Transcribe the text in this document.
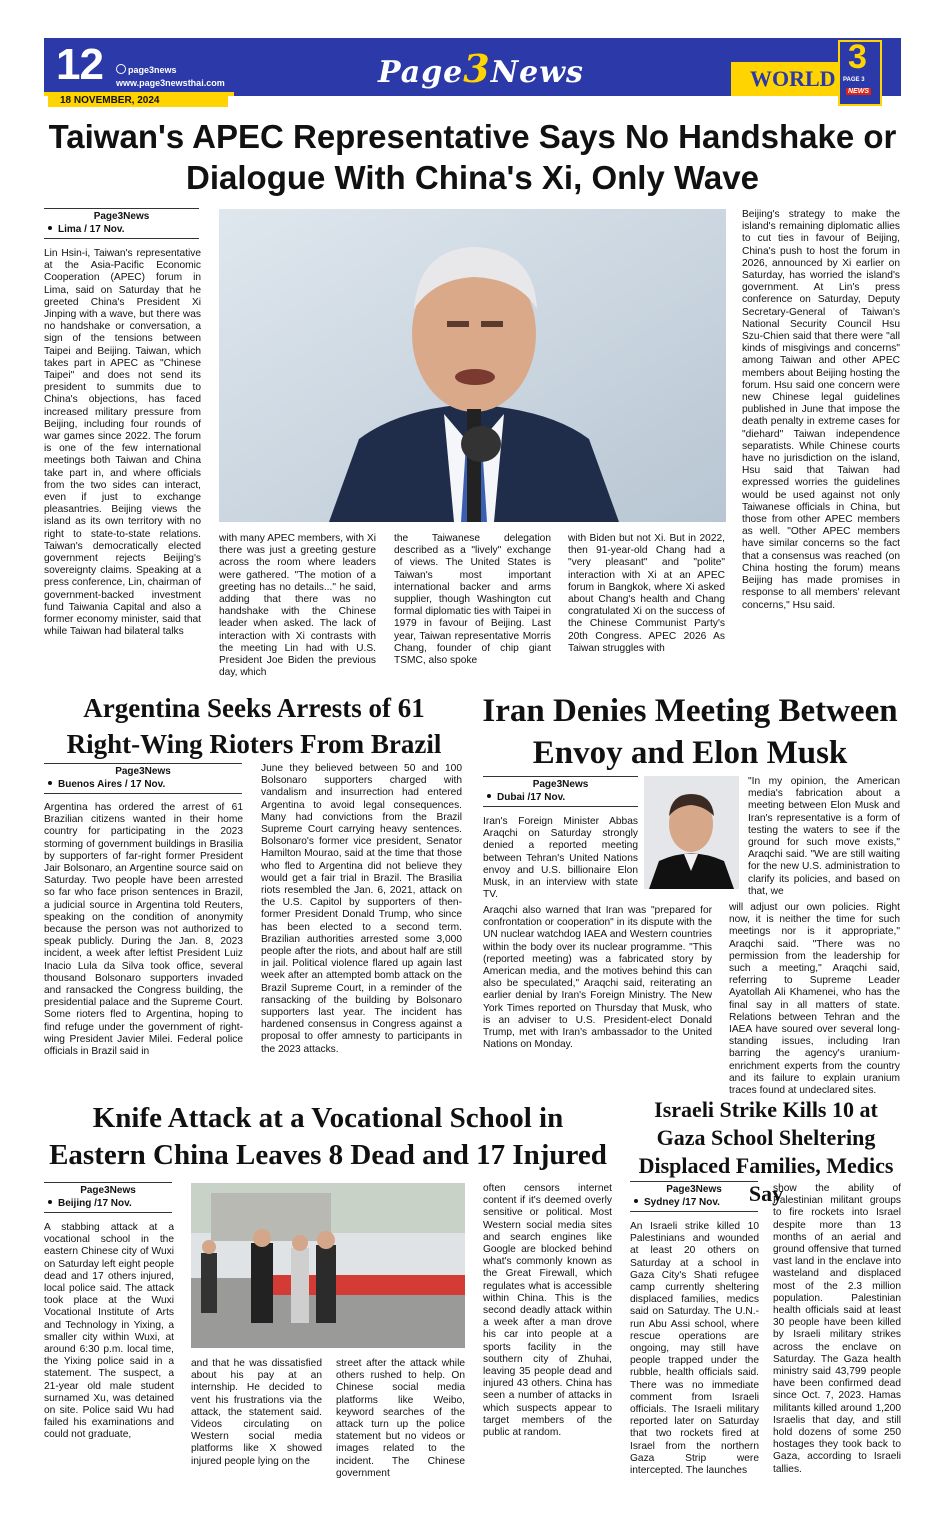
12	page3news
www.page3newsthai.com
18 NOVEMBER, 2024
Page3News	WORLD
3
PAGE 3
NEWS
Taiwan's APEC Representative Says No Handshake or Dialogue With China's Xi, Only Wave
Page3News
Lima / 17 Nov.

Lin Hsin-i, Taiwan's representative at the Asia-Pacific Economic Cooperation (APEC) forum in Lima, said on Saturday that he greeted China's President Xi Jinping with a wave, but there was no handshake or conversation, a sign of the tensions between Taipei and Beijing. Taiwan, which takes part in APEC as "Chinese Taipei" and does not send its president to summits due to China's objections, has faced increased military pressure from Beijing, including four rounds of war games since 2022. The forum is one of the few international meetings both Taiwan and China take part in, and where officials from the two sides can interact, even if just to exchange pleasantries. Beijing views the island as its own territory with no right to state-to-state relations. Taiwan's democratically elected government rejects Beijing's sovereignty claims. Speaking at a press conference, Lin, chairman of government-backed investment fund Taiwania Capital and also a former economy minister, said that while Taiwan had bilateral talks

with many APEC members, with Xi there was just a greeting gesture across the room where leaders were gathered. "The motion of a greeting has no details..." he said, adding that there was no handshake with the Chinese leader when asked. The lack of interaction with Xi contrasts with the meeting Lin had with U.S. President Joe Biden the previous day, which

the Taiwanese delegation described as a "lively" exchange of views. The United States is Taiwan's most important international backer and arms supplier, though Washington cut formal diplomatic ties with Taipei in 1979 in favour of Beijing. Last year, Taiwan representative Morris Chang, founder of chip giant TSMC, also spoke

with Biden but not Xi. But in 2022, then 91-year-old Chang had a "very pleasant" and "polite" interaction with Xi at an APEC forum in Bangkok, where Xi asked about Chang's health and Chang congratulated Xi on the success of the Chinese Communist Party's 20th Congress. APEC 2026 As Taiwan struggles with

Beijing's strategy to make the island's remaining diplomatic allies to cut ties in favour of Beijing, China's push to host the forum in 2026, announced by Xi earlier on Saturday, has worried the island's government. At Lin's press conference on Saturday, Deputy Secretary-General of Taiwan's National Security Council Hsu Szu-Chien said that there were "all kinds of misgivings and concerns" among Taiwan and other APEC members about Beijing hosting the forum. Hsu said one concern were new Chinese legal guidelines published in June that impose the death penalty in extreme cases for "diehard" Taiwan independence separatists. While Chinese courts have no jurisdiction on the island, Hsu said that Taiwan had expressed worries the guidelines would be used against not only Taiwanese officials in China, but those from other APEC members as well. "Other APEC members have similar concerns so the fact that a consensus was reached (on China hosting the forum) means Beijing has made promises in response to all members' relevant concerns," Hsu said.

Argentina Seeks Arrests of 61 Right-Wing Rioters From Brazil
Page3News
Buenos Aires / 17 Nov.

Argentina has ordered the arrest of 61 Brazilian citizens wanted in their home country for participating in the 2023 storming of government buildings in Brasilia by supporters of far-right former President Jair Bolsonaro, an Argentine source said on Saturday. Two people have been arrested so far who face prison sentences in Brazil, a judicial source in Argentina told Reuters, speaking on the condition of anonymity because the person was not authorized to speak publicly. During the Jan. 8, 2023 incident, a week after leftist President Luiz Inacio Lula da Silva took office, several thousand Bolsonaro supporters invaded and ransacked the Congress building, the presidential palace and the Supreme Court. Some rioters fled to Argentina, hoping to find refuge under the government of right-wing President Javier Milei. Federal police officials in Brazil said in

June they believed between 50 and 100 Bolsonaro supporters charged with vandalism and insurrection had entered Argentina to avoid legal consequences. Many had convictions from the Brazil Supreme Court carrying heavy sentences. Bolsonaro's former vice president, Senator Hamilton Mourao, said at the time that those who fled to Argentina did not believe they would get a fair trial in Brazil. The Brasilia riots resembled the Jan. 6, 2021, attack on the U.S. Capitol by supporters of then-former President Donald Trump, who since has been elected to a second term. Brazilian authorities arrested some 3,000 people after the riots, and about half are still in jail. Political violence flared up again last week after an attempted bomb attack on the Brazil Supreme Court, in a reminder of the ransacking of the building by Bolsonaro supporters last year. The incident has hardened consensus in Congress against a proposal to offer amnesty to participants in the 2023 attacks.

Iran Denies Meeting Between Envoy and Elon Musk
Page3News
Dubai /17 Nov.

Iran's Foreign Minister Abbas Araqchi on Saturday strongly denied a reported meeting between Tehran's United Nations envoy and U.S. billionaire Elon Musk, in an interview with state TV.

Araqchi also warned that Iran was "prepared for confrontation or cooperation" in its dispute with the UN nuclear watchdog IAEA and Western countries within the body over its nuclear programme. "This (reported meeting) was a fabricated story by American media, and the motives behind this can also be speculated," Araqchi said, reiterating an earlier denial by Iran's Foreign Ministry. The New York Times reported on Thursday that Musk, who is an adviser to U.S. President-elect Donald Trump, met with Iran's ambassador to the United Nations on Monday.

"In my opinion, the American media's fabrication about a meeting between Elon Musk and Iran's representative is a form of testing the waters to see if the ground for such move exists," Araqchi said. "We are still waiting for the new U.S. administration to clarify its policies, and based on that, we

will adjust our own policies. Right now, it is neither the time for such meetings nor is it appropriate," Araqchi said. "There was no permission from the leadership for such a meeting," Araqchi said, referring to Supreme Leader Ayatollah Ali Khamenei, who has the final say in all matters of state. Relations between Tehran and the IAEA have soured over several long-standing issues, including Iran barring the agency's uranium-enrichment experts from the country and its failure to explain uranium traces found at undeclared sites.

Knife Attack at a Vocational School in Eastern China Leaves 8 Dead and 17 Injured
Page3News
Beijing /17 Nov.

A stabbing attack at a vocational school in the eastern Chinese city of Wuxi on Saturday left eight people dead and 17 others injured, local police said. The attack took place at the Wuxi Vocational Institute of Arts and Technology in Yixing, a smaller city within Wuxi, at around 6:30 p.m. local time, the Yixing police said in a statement. The suspect, a 21-year old male student surnamed Xu, was detained on site. Police said Wu had failed his examinations and could not graduate,

and that he was dissatisfied about his pay at an internship. He decided to vent his frustrations via the attack, the statement said. Videos circulating on Western social media platforms like X showed injured people lying on the

street after the attack while others rushed to help. On Chinese social media platforms like Weibo, keyword searches of the attack turn up the police statement but no videos or images related to the incident. The Chinese government

often censors internet content if it's deemed overly sensitive or political. Most Western social media sites and search engines like Google are blocked behind what's commonly known as the Great Firewall, which regulates what is accessible within China. This is the second deadly attack within a week after a man drove his car into people at a sports facility in the southern city of Zhuhai, leaving 35 people dead and injured 43 others. China has seen a number of attacks in which suspects appear to target members of the public at random.

Israeli Strike Kills 10 at Gaza School Sheltering Displaced Families, Medics Say
Page3News
Sydney /17 Nov.

An Israeli strike killed 10 Palestinians and wounded at least 20 others on Saturday at a school in Gaza City's Shati refugee camp currently sheltering displaced families, medics said on Saturday. The U.N.-run Abu Assi school, where rescue operations are ongoing, may still have people trapped under the rubble, health officials said. There was no immediate comment from Israeli officials. The Israeli military reported later on Saturday that two rockets fired at Israel from the northern Gaza Strip were intercepted. The launches

show the ability of Palestinian militant groups to fire rockets into Israel despite more than 13 months of an aerial and ground offensive that turned vast land in the enclave into wasteland and displaced most of the 2.3 million population. Palestinian health officials said at least 30 people have been killed by Israeli military strikes across the enclave on Saturday. The Gaza health ministry said 43,799 people have been confirmed dead since Oct. 7, 2023. Hamas militants killed around 1,200 Israelis that day, and still hold dozens of some 250 hostages they took back to Gaza, according to Israeli tallies.
